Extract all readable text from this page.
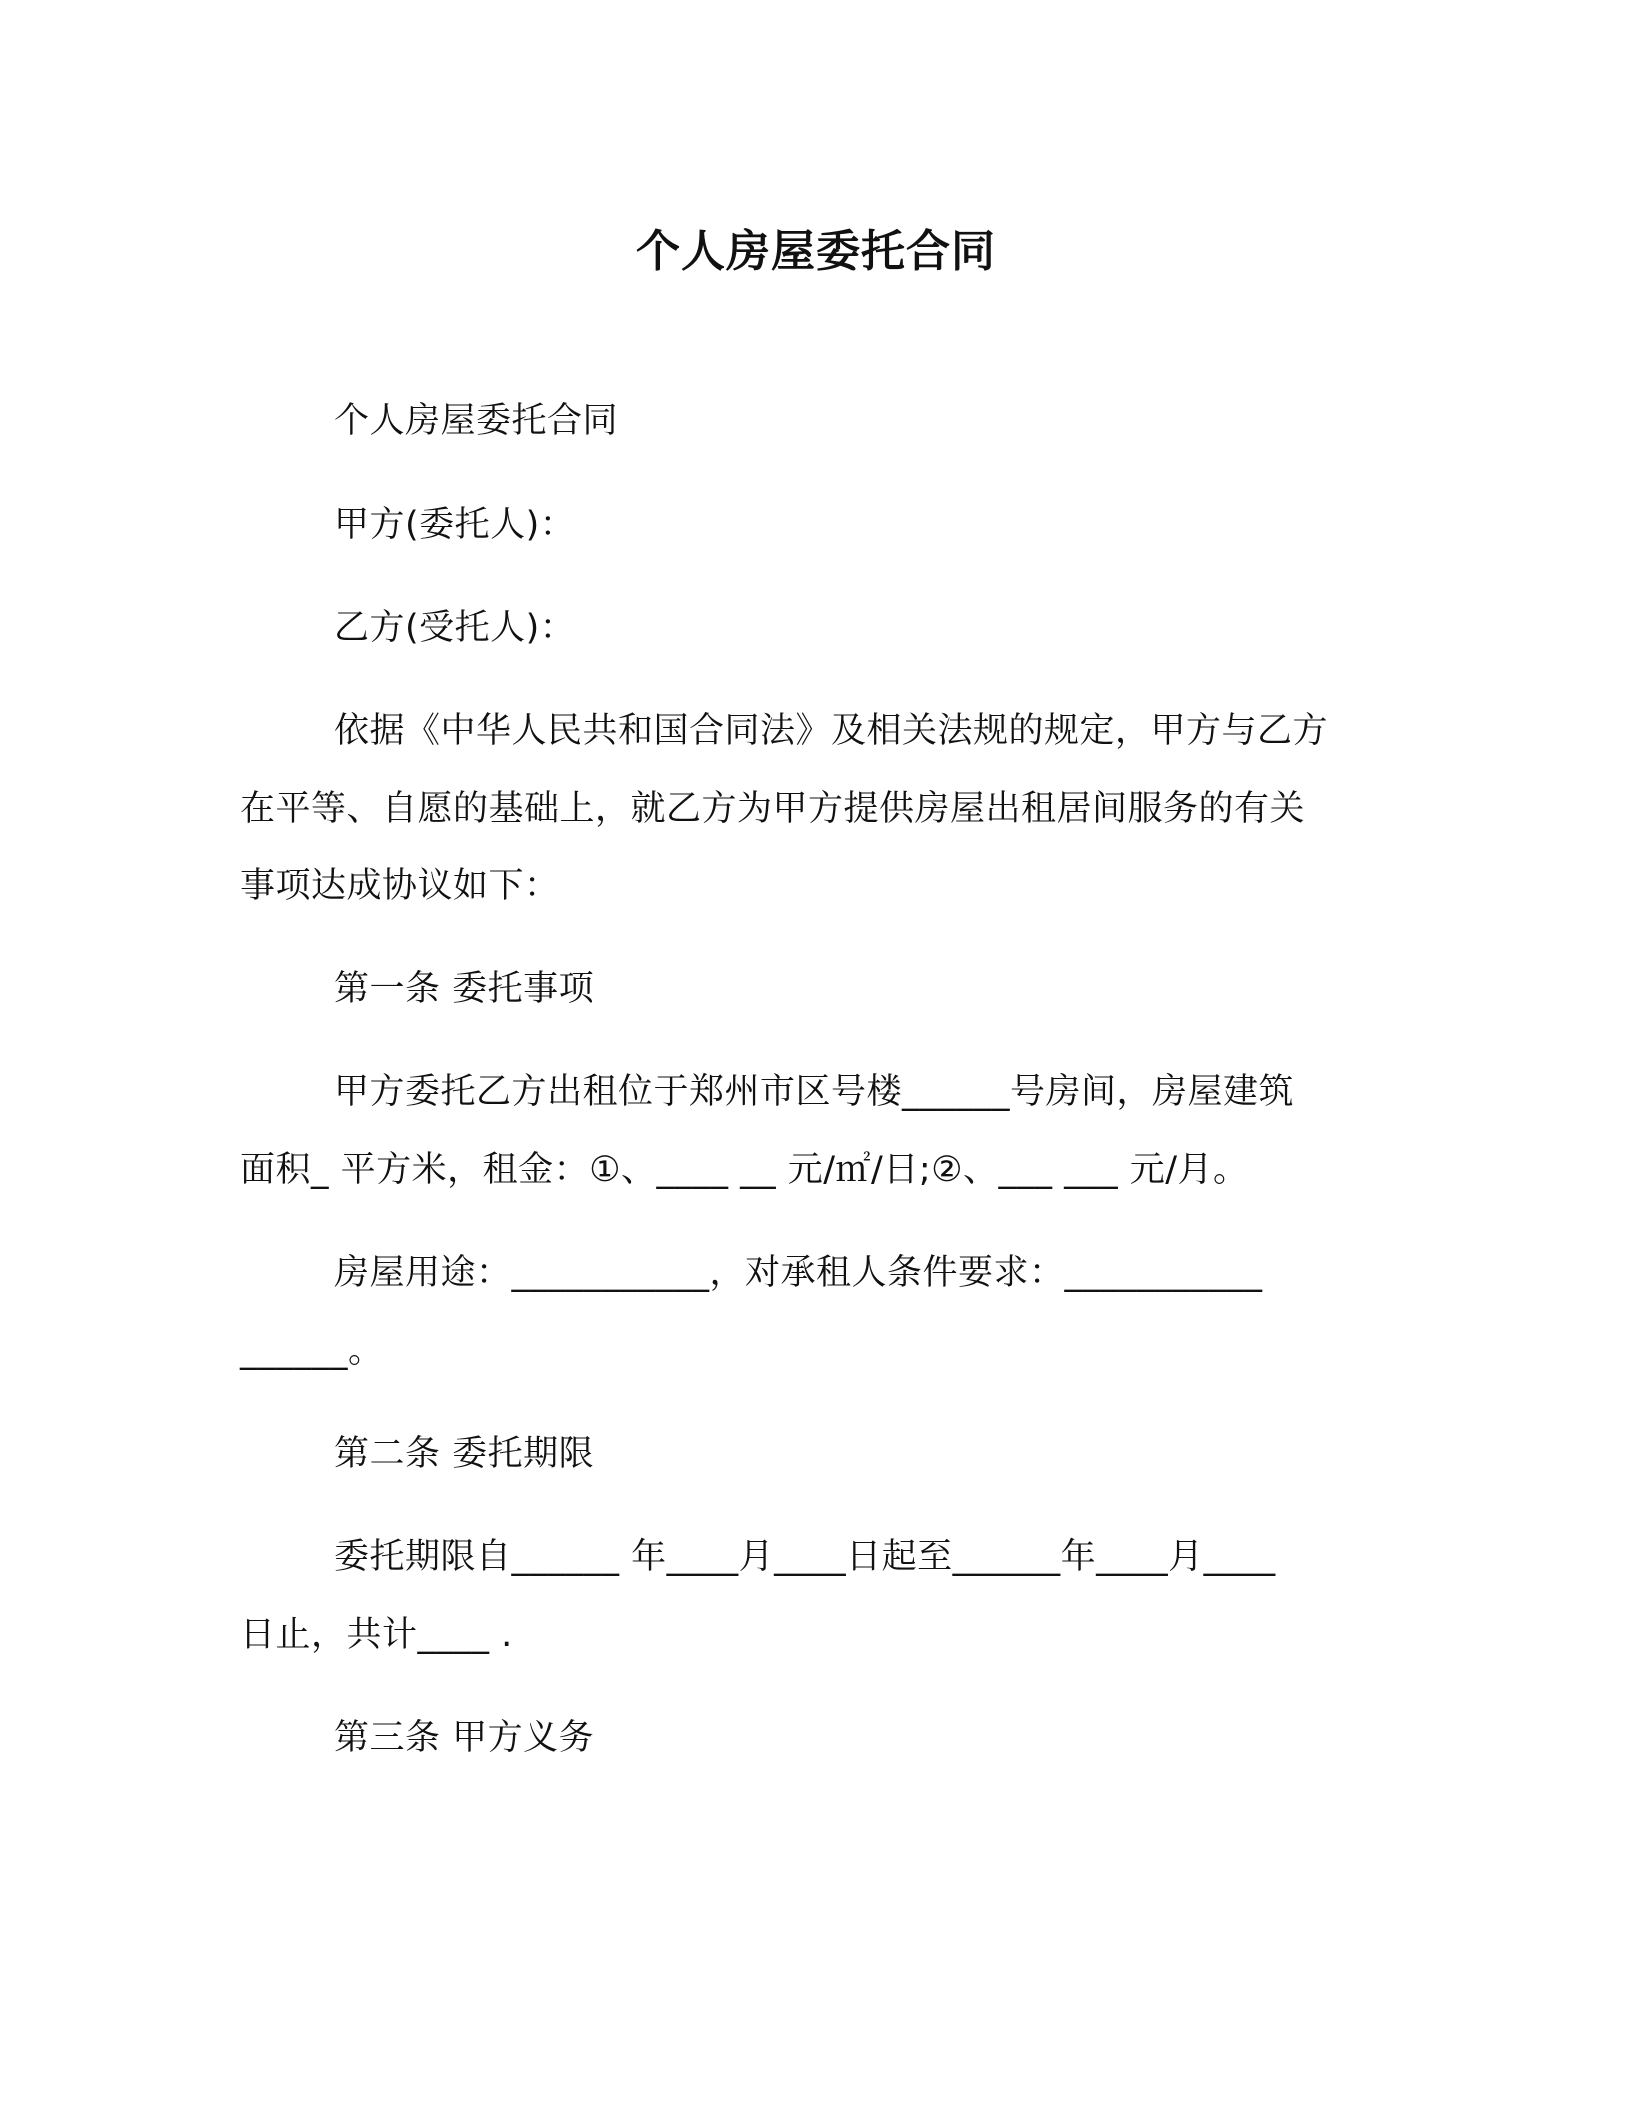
个人房屋委托合同
个人房屋委托合同
甲方(委托人)：
乙方(受托人)：
依据《中华人民共和国合同法》及相关法规的规定，甲方与乙方
在平等、自愿的基础上，就乙方为甲方提供房屋出租居间服务的有关
事项达成协议如下：
第一条 委托事项
甲方委托乙方出租位于郑州市区号楼______号房间，房屋建筑
面积_ 平方米，租金：①、____ __ 元/㎡/日;②、___ ___ 元/月。
房屋用途：___________，对承租人条件要求：___________
______。
第二条 委托期限
委托期限自______ 年____月____日起至______年____月____
日止，共计____ .
第三条 甲方义务
